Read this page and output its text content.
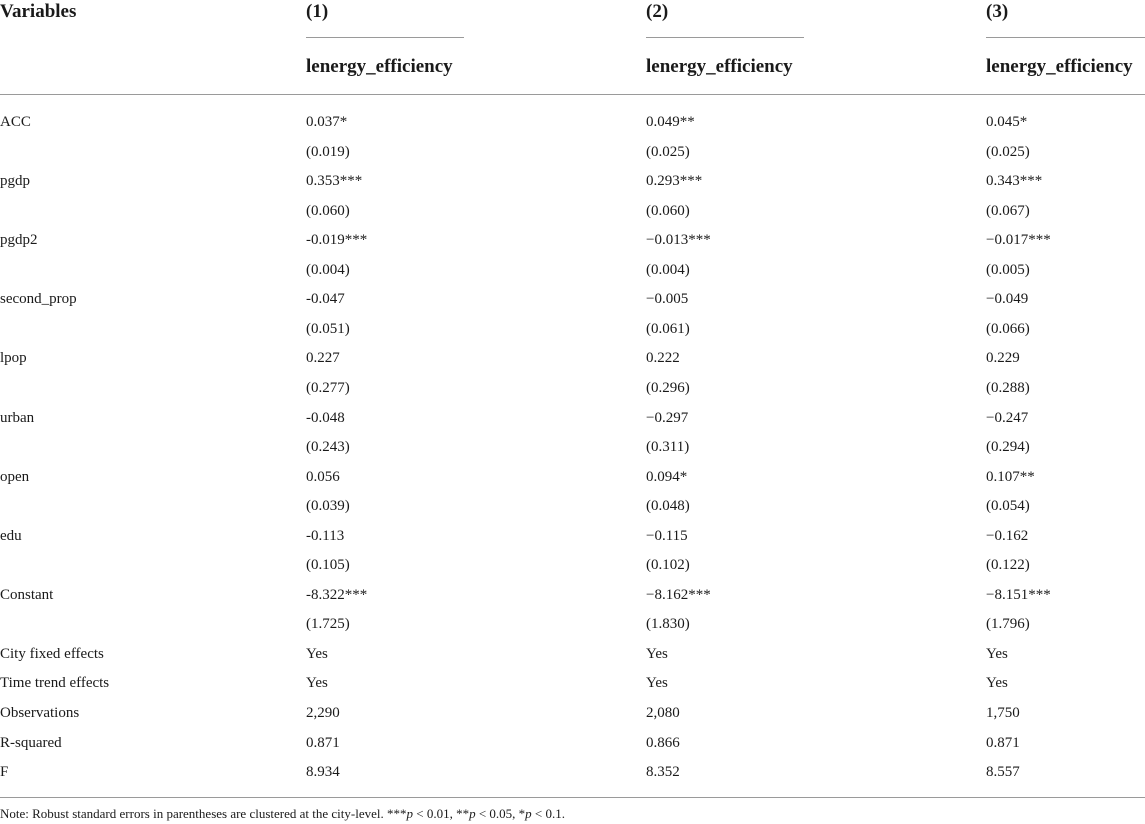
Variables	(1)	(2)	(3)
lenergy_efficiency	lenergy_efficiency	lenergy_efficiency
ACC	0.037*	0.049**	0.045*
(0.019)	(0.025)	(0.025)
pgdp	0.353***	0.293***	0.343***
(0.060)	(0.060)	(0.067)
pgdp2	-0.019***	−0.013***	−0.017***
(0.004)	(0.004)	(0.005)
second_prop	-0.047	−0.005	−0.049
(0.051)	(0.061)	(0.066)
lpop	0.227	0.222	0.229
(0.277)	(0.296)	(0.288)
urban	-0.048	−0.297	−0.247
(0.243)	(0.311)	(0.294)
open	0.056	0.094*	0.107**
(0.039)	(0.048)	(0.054)
edu	-0.113	−0.115	−0.162
(0.105)	(0.102)	(0.122)
Constant	-8.322***	−8.162***	−8.151***
(1.725)	(1.830)	(1.796)
City fixed effects	Yes	Yes	Yes
Time trend effects	Yes	Yes	Yes
Observations	2,290	2,080	1,750
R-squared	0.871	0.866	0.871
F	8.934	8.352	8.557
Note: Robust standard errors in parentheses are clustered at the city-level. ***p < 0.01, **p < 0.05, *p < 0.1.
